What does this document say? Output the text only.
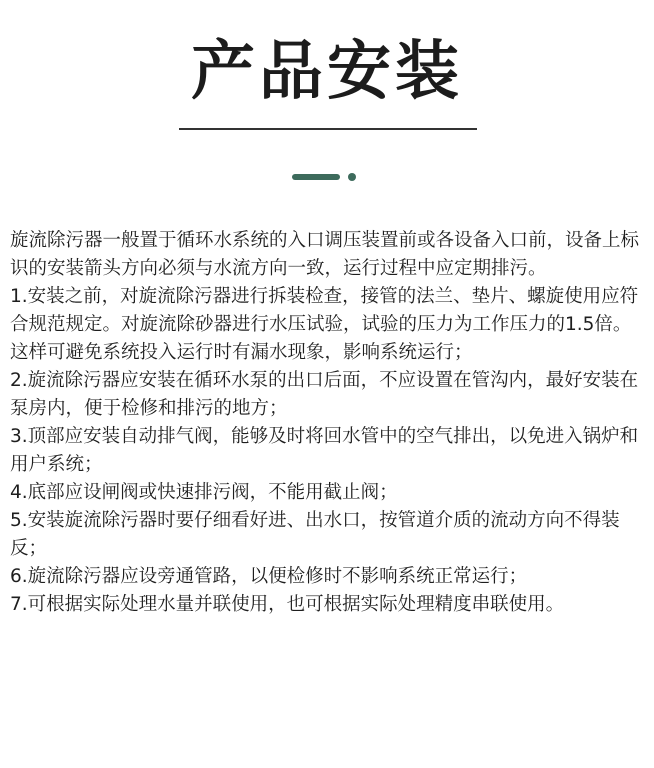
产品安装

旋流除污器一般置于循环水系统的入口调压装置前或各设备入口前，设备上标识的安装箭头方向必须与水流方向一致，运行过程中应定期排污。

1.安装之前，对旋流除污器进行拆装检查，接管的法兰、垫片、螺旋使用应符合规范规定。对旋流除砂器进行水压试验，试验的压力为工作压力的1.5倍。这样可避免系统投入运行时有漏水现象，影响系统运行；

2.旋流除污器应安装在循环水泵的出口后面，不应设置在管沟内，最好安装在泵房内，便于检修和排污的地方；

3.顶部应安装自动排气阀，能够及时将回水管中的空气排出，以免进入锅炉和用户系统；

4.底部应设闸阀或快速排污阀，不能用截止阀；

5.安装旋流除污器时要仔细看好进、出水口，按管道介质的流动方向不得装反；

6.旋流除污器应设旁通管路，以便检修时不影响系统正常运行；

7.可根据实际处理水量并联使用，也可根据实际处理精度串联使用。
